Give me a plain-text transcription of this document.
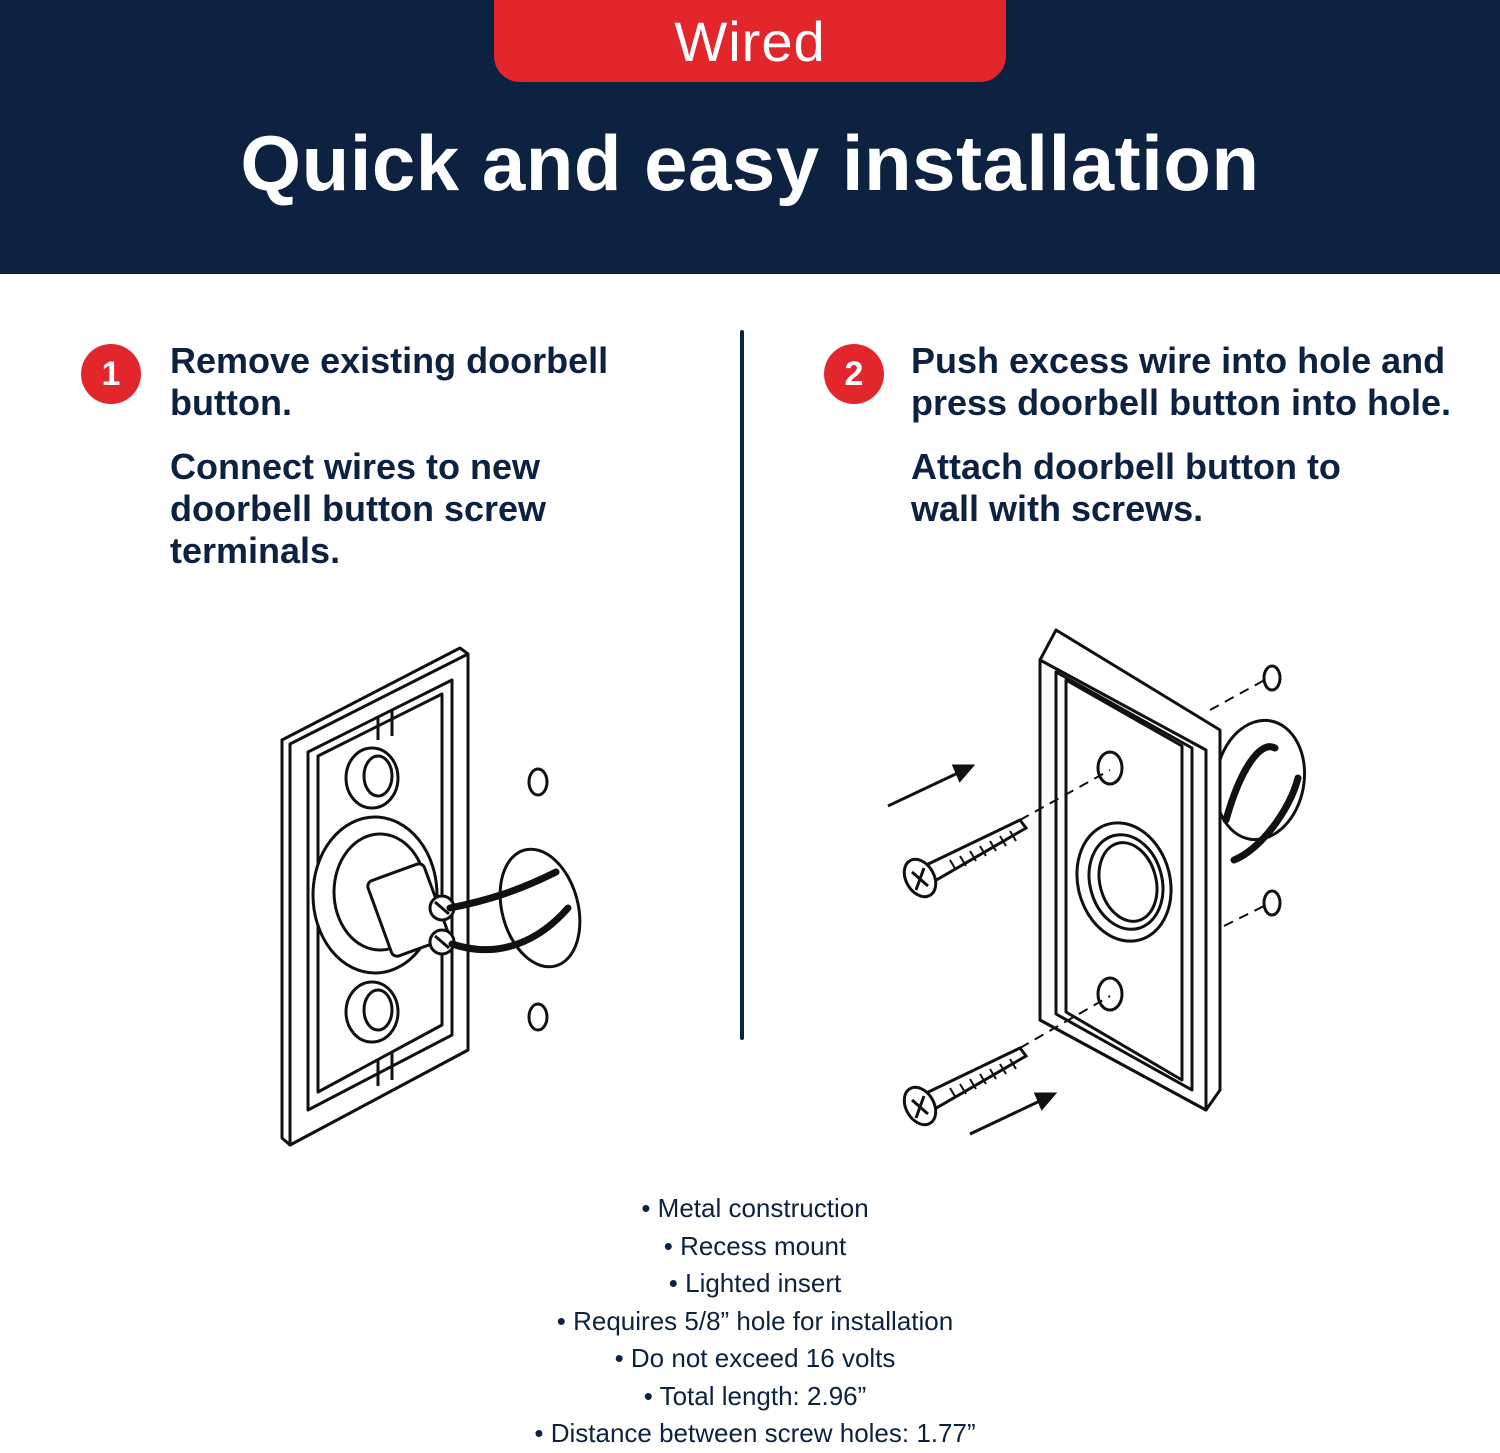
Wired
Quick and easy installation
1	Remove existing doorbell button.

Connect wires to new doorbell button screw terminals.

2	Push excess wire into hole and press doorbell button into hole.

Attach doorbell button to wall with screws.

• Metal construction
• Recess mount
• Lighted insert
• Requires 5/8” hole for installation
• Do not exceed 16 volts
• Total length: 2.96”
• Distance between screw holes: 1.77”
